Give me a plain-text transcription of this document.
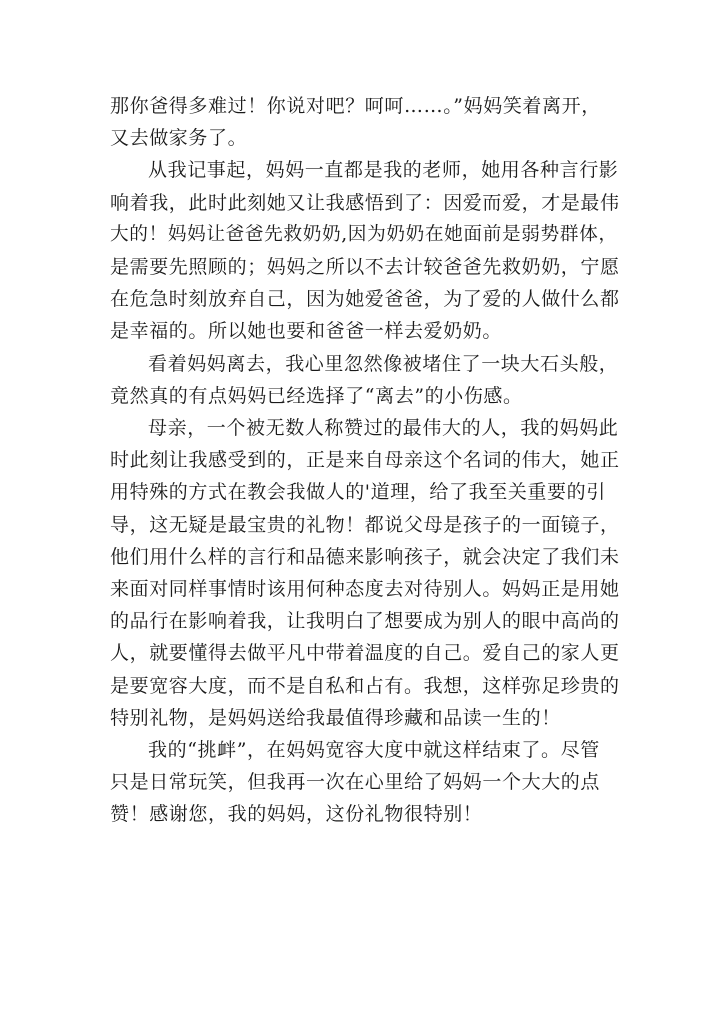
那你爸得多难过！你说对吧？呵呵……。”妈妈笑着离开，
又去做家务了。

从我记事起，妈妈一直都是我的老师，她用各种言行影
响着我，此时此刻她又让我感悟到了：因爱而爱，才是最伟
大的！妈妈让爸爸先救奶奶,因为奶奶在她面前是弱势群体，
是需要先照顾的；妈妈之所以不去计较爸爸先救奶奶，宁愿
在危急时刻放弃自己，因为她爱爸爸，为了爱的人做什么都
是幸福的。所以她也要和爸爸一样去爱奶奶。

看着妈妈离去，我心里忽然像被堵住了一块大石头般，
竟然真的有点妈妈已经选择了“离去”的小伤感。

母亲，一个被无数人称赞过的最伟大的人，我的妈妈此
时此刻让我感受到的，正是来自母亲这个名词的伟大，她正
用特殊的方式在教会我做人的'道理，给了我至关重要的引
导，这无疑是最宝贵的礼物！都说父母是孩子的一面镜子，
他们用什么样的言行和品德来影响孩子，就会决定了我们未
来面对同样事情时该用何种态度去对待别人。妈妈正是用她
的品行在影响着我，让我明白了想要成为别人的眼中高尚的
人，就要懂得去做平凡中带着温度的自己。爱自己的家人更
是要宽容大度，而不是自私和占有。我想，这样弥足珍贵的
特别礼物，是妈妈送给我最值得珍藏和品读一生的！

我的“挑衅”，在妈妈宽容大度中就这样结束了。尽管
只是日常玩笑，但我再一次在心里给了妈妈一个大大的点
赞！感谢您，我的妈妈，这份礼物很特别！
